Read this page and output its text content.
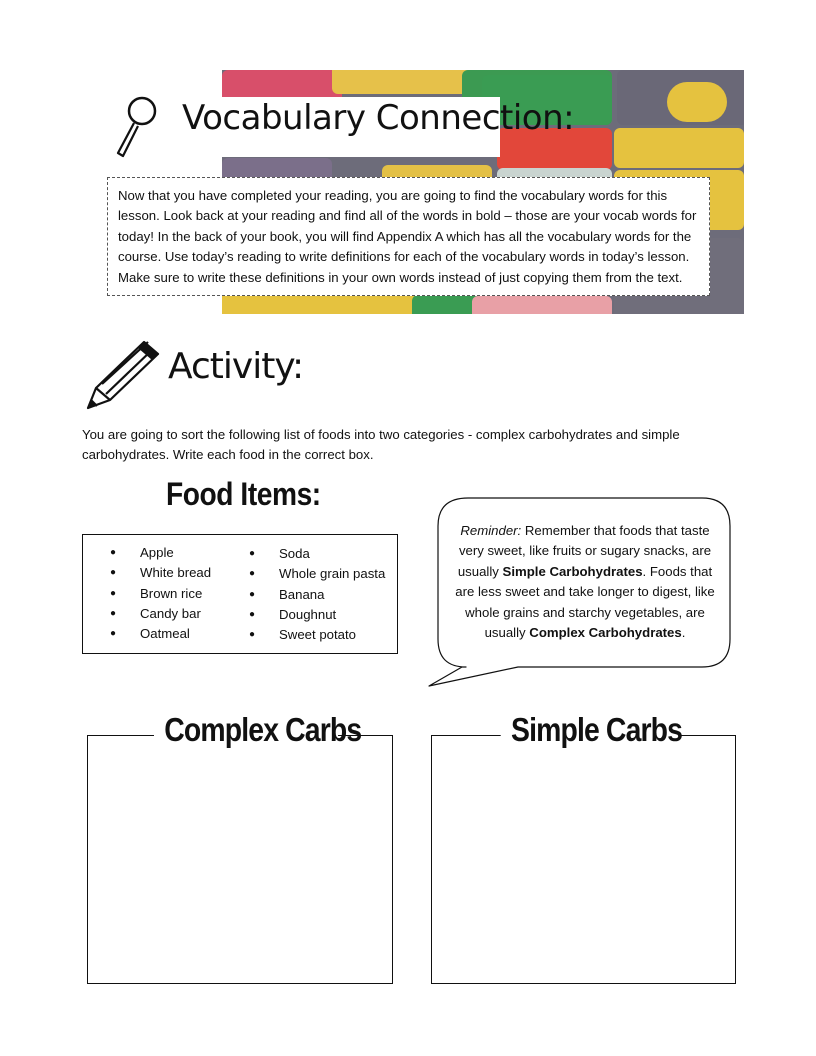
Vocabulary Connection:
Now that you have completed your reading, you are going to find the vocabulary words for this lesson. Look back at your reading and find all of the words in bold – those are your vocab words for today! In the back of your book, you will find Appendix A which has all the vocabulary words for the course. Use today’s reading to write definitions for each of the vocabulary words in today’s lesson. Make sure to write these definitions in your own words instead of just copying them from the text.
Activity:
You are going to sort the following list of foods into two categories - complex carbohydrates and simple carbohydrates. Write each food in the correct box.
Food Items:
● Apple
● White bread
● Brown rice
● Candy bar
● Oatmeal
● Soda
● Whole grain pasta
● Banana
● Doughnut
● Sweet potato
Reminder: Remember that foods that taste very sweet, like fruits or sugary snacks, are usually Simple Carbohydrates. Foods that are less sweet and take longer to digest, like whole grains and starchy vegetables, are usually Complex Carbohydrates.
Complex Carbs	Simple Carbs
